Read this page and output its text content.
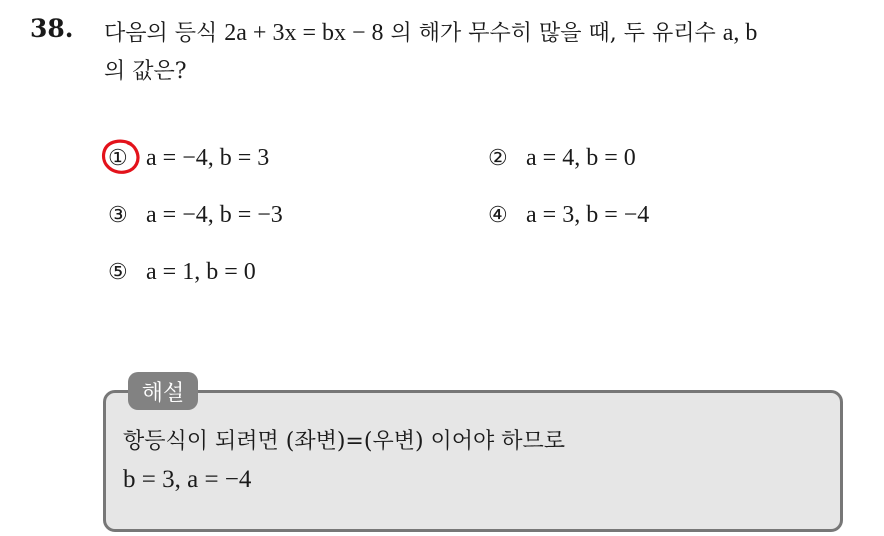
38. 다음의 등식 2a + 3x = bx − 8 의 해가 무수히 많을 때, 두 유리수 a, b
의 값은?
① a = −4, b = 3	② a = 4, b = 0
③ a = −4, b = −3	④ a = 3, b = −4
⑤ a = 1, b = 0
해설
항등식이 되려면 (좌변)=(우변) 이어야 하므로
b = 3, a = −4
